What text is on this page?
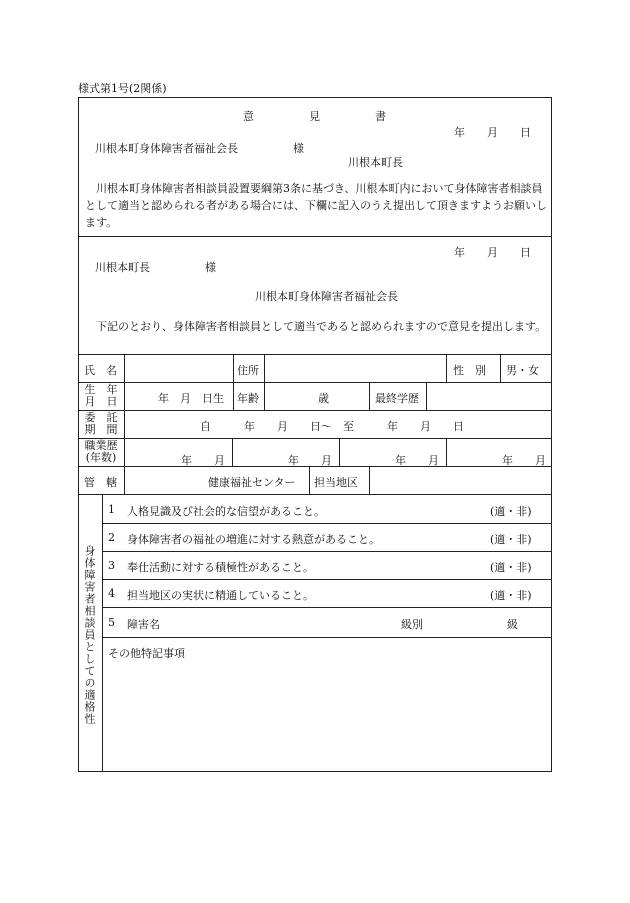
様式第1号(2関係)
意　　　　　見　　　　　書
年　　月　　日
川根本町身体障害者福祉会長　　　　　様
川根本町長
　川根本町身体障害者相談員設置要綱第3条に基づき、川根本町内において身体障害者相談員として適当と認められる者がある場合には、下欄に記入のうえ提出して頂きますようお願いします。
年　　月　　日
川根本町長　　　　　様
川根本町身体障害者福祉会長
　下記のとおり、身体障害者相談員として適当であると認められますので意見を提出します。
氏　名	住所	性　別 男・女
生　年
月　日	年　月　日生 年齢	歳	最終学歴
委　託
期　間	自　　　年　　月　　日～　至　　　年　　月　　日
職業歴
(年数)	年　　月	年　　月	年　　月	年　　月
管　轄	健康福祉センター 担当地区
身体障害者相談員としての適格性
1 人格見識及び社会的な信望があること。	(適・非)
2 身体障害者の福祉の増進に対する熱意があること。	(適・非)
3 奉仕活動に対する積極性があること。	(適・非)
4 担当地区の実状に精通していること。	(適・非)
5 障害名	級別	級
その他特記事項
